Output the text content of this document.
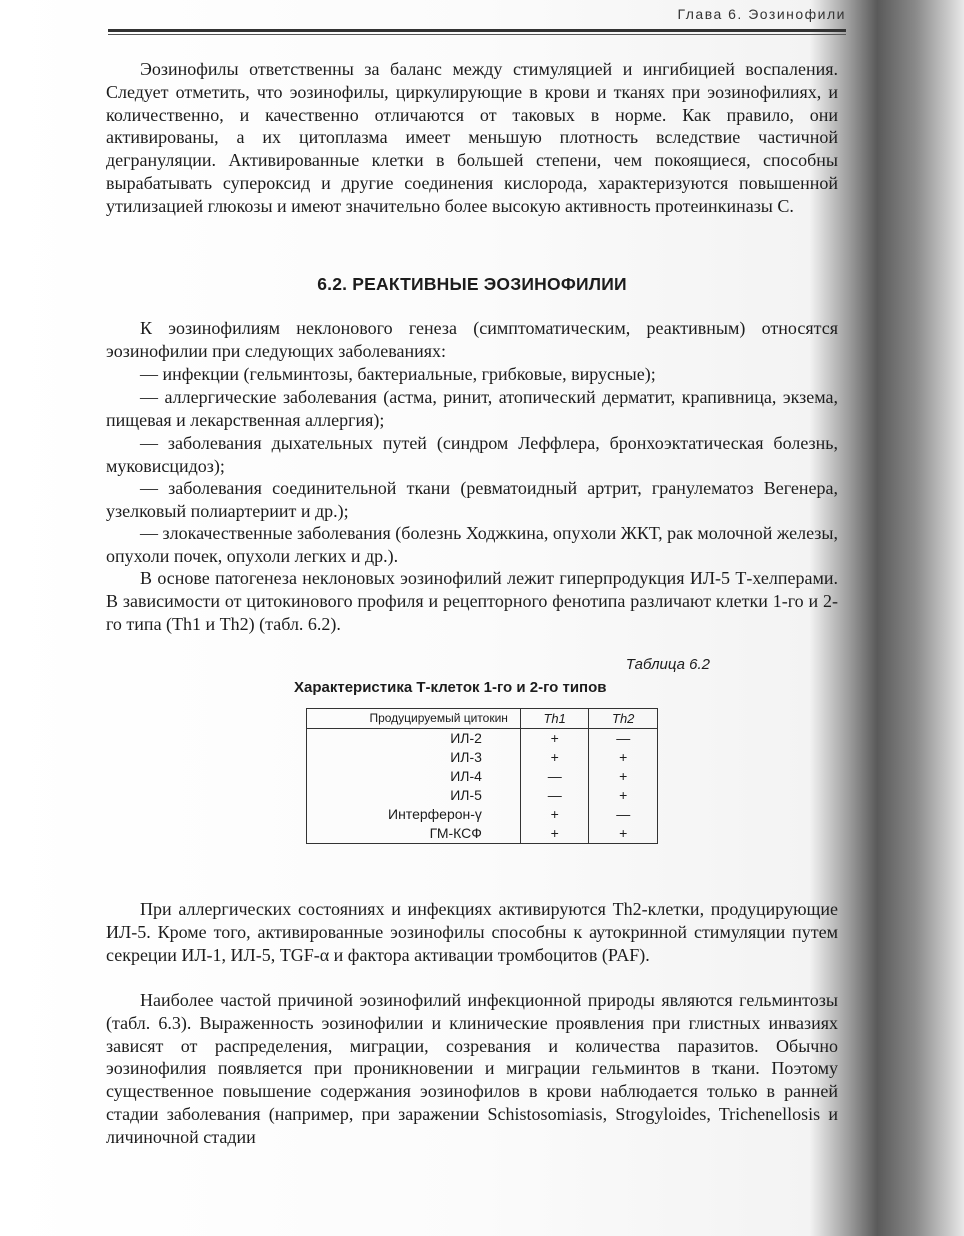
Глава 6. Эозинофили

Эозинофилы ответственны за баланс между стимуляцией и ингибицией воспаления. Следует отметить, что эозинофилы, циркулирующие в крови и тканях при эозинофилиях, и количественно, и качественно отличаются от таковых в норме. Как правило, они активированы, а их цитоплазма имеет меньшую плотность вследствие частичной дегрануляции. Активированные клетки в большей степени, чем покоящиеся, способны вырабатывать супероксид и другие соединения кислорода, характеризуются повышенной утилизацией глюкозы и имеют значительно более высокую активность протеинкиназы С.

6.2. РЕАКТИВНЫЕ ЭОЗИНОФИЛИИ

К эозинофилиям неклонового генеза (симптоматическим, реактивным) относятся эозинофилии при следующих заболеваниях:

— инфекции (гельминтозы, бактериальные, грибковые, вирусные);

— аллергические заболевания (астма, ринит, атопический дерматит, крапивница, экзема, пищевая и лекарственная аллергия);

— заболевания дыхательных путей (синдром Леффлера, бронхоэктатическая болезнь, муковисцидоз);

— заболевания соединительной ткани (ревматоидный артрит, гранулематоз Вегенера, узелковый полиартериит и др.);

— злокачественные заболевания (болезнь Ходжкина, опухоли ЖКТ, рак молочной железы, опухоли почек, опухоли легких и др.).

В основе патогенеза неклоновых эозинофилий лежит гиперпродукция ИЛ-5 Т-хелперами. В зависимости от цитокинового профиля и рецепторного фенотипа различают клетки 1-го и 2-го типа (Th1 и Th2) (табл. 6.2).

Таблица 6.2
Характеристика Т-клеток 1-го и 2-го типов
Продуцируемый цитокин	Th1	Th2
ИЛ-2	+	—
ИЛ-3	+	+
ИЛ-4	—	+
ИЛ-5	—	+
Интерферон-γ	+	—
ГМ-КСФ	+	+

При аллергических состояниях и инфекциях активируются Th2-клетки, продуцирующие ИЛ-5. Кроме того, активированные эозинофилы способны к аутокринной стимуляции путем секреции ИЛ-1, ИЛ-5, TGF-α и фактора активации тромбоцитов (PAF).

Наиболее частой причиной эозинофилий инфекционной природы являются гельминтозы (табл. 6.3). Выраженность эозинофилии и клинические проявления при глистных инвазиях зависят от распределения, миграции, созревания и количества паразитов. Обычно эозинофилия появляется при проникновении и миграции гельминтов в ткани. Поэтому существенное повышение содержания эозинофилов в крови наблюдается только в ранней стадии заболевания (например, при заражении Schistosomiasis, Strogyloides, Trichenellosis и личиночной стадии
